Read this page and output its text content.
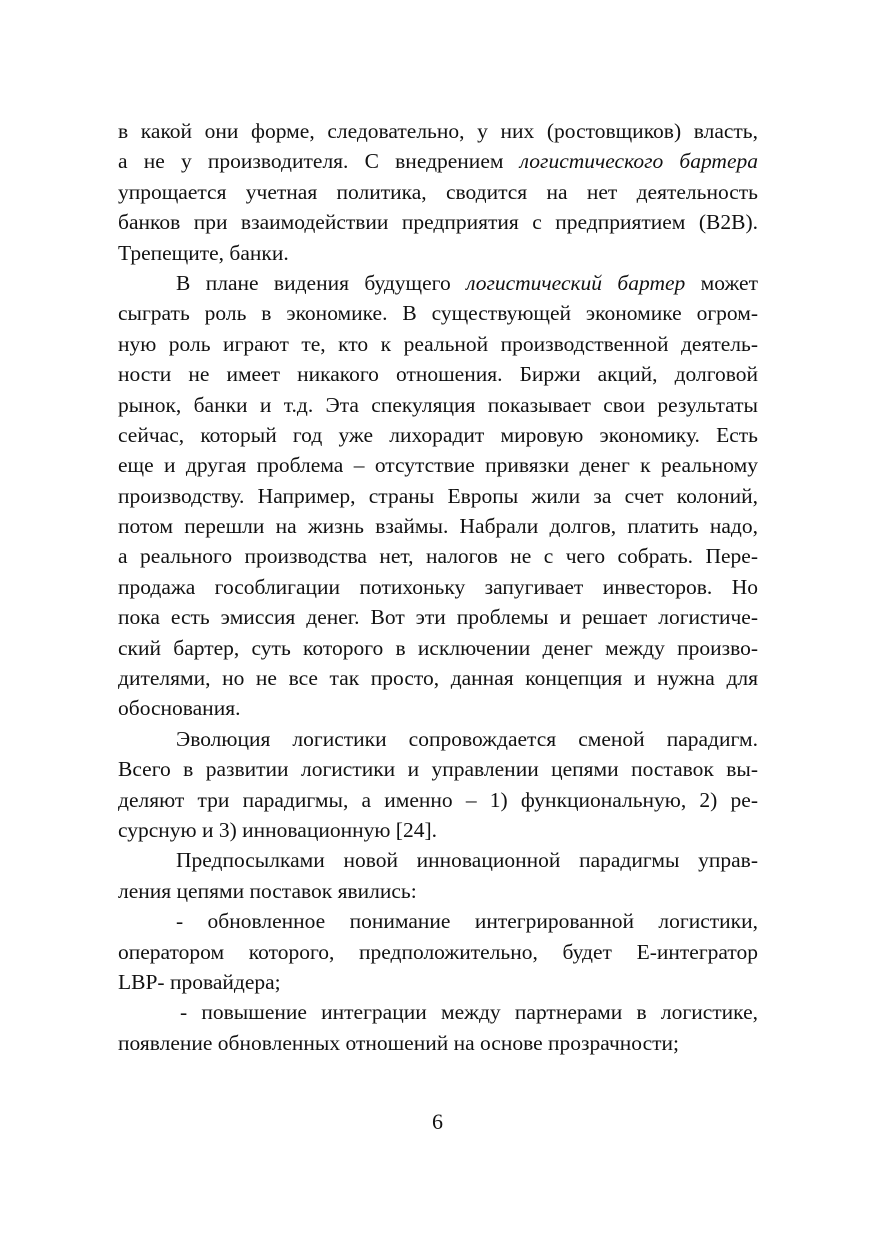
в какой они форме, следовательно, у них (ростовщиков) власть,
а не у производителя. С внедрением логистического бартера
упрощается учетная политика, сводится на нет деятельность
банков при взаимодействии предприятия с предприятием (B2B).
Трепещите, банки.
В плане видения будущего логистический бартер может
сыграть роль в экономике. В существующей экономике огром-
ную роль играют те, кто к реальной производственной деятель-
ности не имеет никакого отношения. Биржи акций, долговой
рынок, банки и т.д. Эта спекуляция показывает свои результаты
сейчас, который год уже лихорадит мировую экономику. Есть
еще и другая проблема – отсутствие привязки денег к реальному
производству. Например, страны Европы жили за счет колоний,
потом перешли на жизнь взаймы. Набрали долгов, платить надо,
а реального производства нет, налогов не с чего собрать. Пере-
продажа гособлигации потихоньку запугивает инвесторов. Но
пока есть эмиссия денег. Вот эти проблемы и решает логистиче-
ский бартер, суть которого в исключении денег между произво-
дителями, но не все так просто, данная концепция и нужна для
обоснования.
Эволюция логистики сопровождается сменой парадигм.
Всего в развитии логистики и управлении цепями поставок вы-
деляют три парадигмы, а именно – 1) функциональную, 2) ре-
сурсную и 3) инновационную [24].
Предпосылками новой инновационной парадигмы управ-
ления цепями поставок явились:
- обновленное понимание интегрированной логистики,
оператором которого, предположительно, будет E-интегратор
LBP- провайдера;
- повышение интеграции между партнерами в логистике,
появление обновленных отношений на основе прозрачности;
6
